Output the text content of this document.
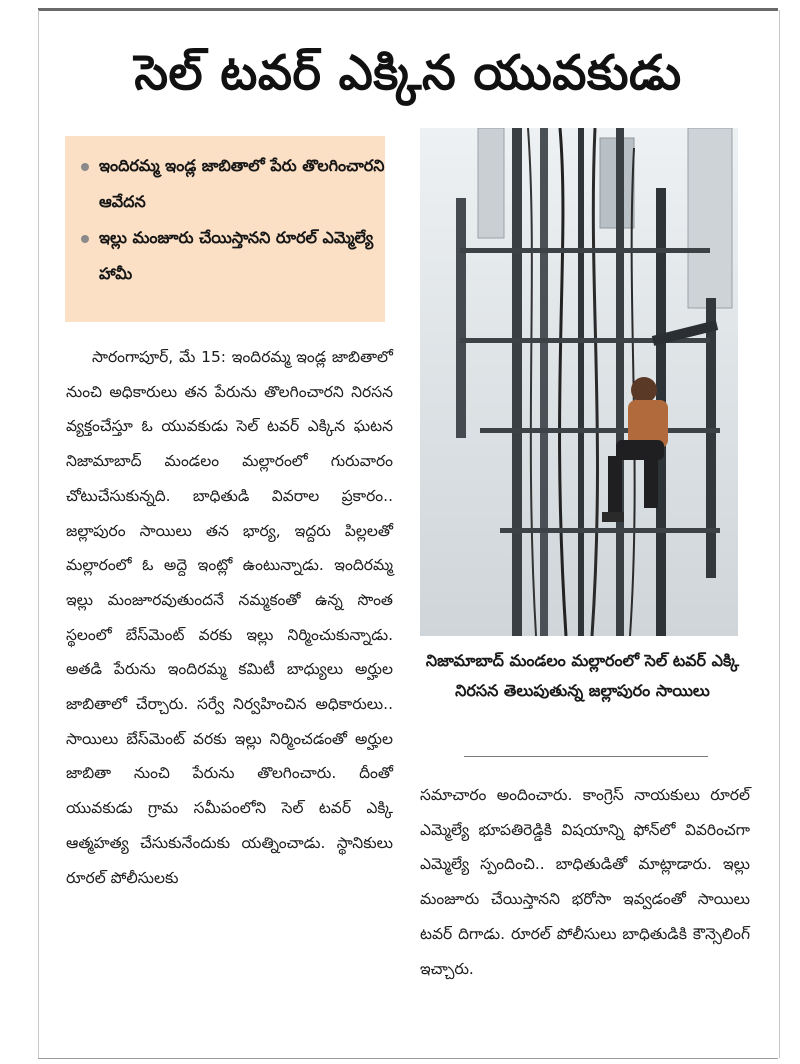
సెల్ టవర్ ఎక్కిన యువకుడు
ఇందిరమ్మ ఇండ్ల జాబితాలో పేరు తొలగించారని ఆవేదన
ఇల్లు మంజూరు చేయిస్తానని రూరల్ ఎమ్మెల్యే హామీ

సారంగాపూర్, మే 15: ఇందిరమ్మ ఇండ్ల జాబితాలో నుంచి అధికారులు తన పేరును తొలగించారని నిరసన వ్యక్తంచేస్తూ ఓ యువకుడు సెల్ టవర్ ఎక్కిన ఘటన నిజామాబాద్ మండలం మల్లారంలో గురువారం చోటుచేసుకున్నది. బాధితుడి వివరాల ప్రకారం.. జల్లాపురం సాయిలు తన భార్య, ఇద్దరు పిల్లలతో మల్లారంలో ఓ అద్దె ఇంట్లో ఉంటున్నాడు. ఇందిరమ్మ ఇల్లు మంజూరవుతుందనే నమ్మకంతో ఉన్న సొంత స్థలంలో బేస్‌మెంట్ వరకు ఇల్లు నిర్మించుకున్నాడు. అతడి పేరును ఇందిరమ్మ కమిటీ బాధ్యులు అర్హుల జాబితాలో చేర్చారు. సర్వే నిర్వహించిన అధికారులు.. సాయిలు బేస్‌మెంట్ వరకు ఇల్లు నిర్మించడంతో అర్హుల జాబితా నుంచి పేరును తొలగించారు. దీంతో యువకుడు గ్రామ సమీపంలోని సెల్ టవర్ ఎక్కి ఆత్మహత్య చేసుకునేందుకు యత్నించాడు. స్థానికులు రూరల్ పోలీసులకు

నిజామాబాద్ మండలం మల్లారంలో సెల్ టవర్ ఎక్కి నిరసన తెలుపుతున్న జల్లాపురం సాయిలు

సమాచారం అందించారు. కాంగ్రెస్ నాయకులు రూరల్ ఎమ్మెల్యే భూపతిరెడ్డికి విషయాన్ని ఫోన్‌లో వివరించగా ఎమ్మెల్యే స్పందించి.. బాధితుడితో మాట్లాడారు. ఇల్లు మంజూరు చేయిస్తానని భరోసా ఇవ్వడంతో సాయిలు టవర్ దిగాడు. రూరల్ పోలీసులు బాధితుడికి కౌన్సెలింగ్ ఇచ్చారు.
